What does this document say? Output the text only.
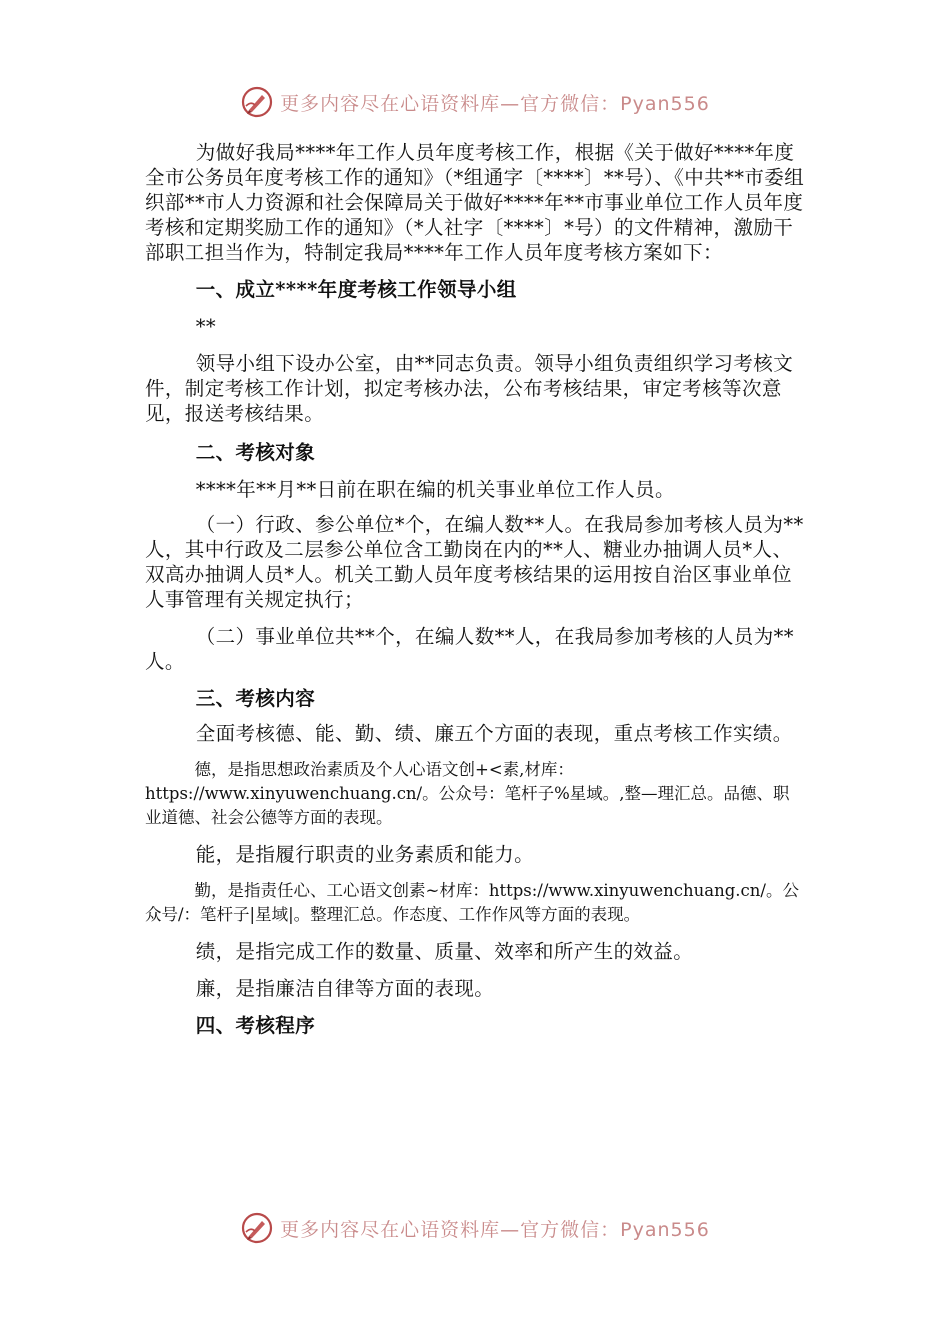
更多内容尽在心语资料库—官方微信：Pyan556

为做好我局****年工作人员年度考核工作，根据《关于做好****年度全市公务员年度考核工作的通知》（*组通字〔****〕**号）、《中共**市委组织部**市人力资源和社会保障局关于做好****年**市事业单位工作人员年度考核和定期奖励工作的通知》（*人社字〔****〕*号）的文件精神，激励干部职工担当作为，特制定我局****年工作人员年度考核方案如下：

一、成立****年度考核工作领导小组

**

领导小组下设办公室，由**同志负责。领导小组负责组织学习考核文件，制定考核工作计划，拟定考核办法，公布考核结果，审定考核等次意见，报送考核结果。

二、考核对象

****年**月**日前在职在编的机关事业单位工作人员。

（一）行政、参公单位*个，在编人数**人。在我局参加考核人员为**人，其中行政及二层参公单位含工勤岗在内的**人、糖业办抽调人员*人、双高办抽调人员*人。机关工勤人员年度考核结果的运用按自治区事业单位人事管理有关规定执行；

（二）事业单位共**个，在编人数**人，在我局参加考核的人员为**人。

三、考核内容

全面考核德、能、勤、绩、廉五个方面的表现，重点考核工作实绩。

德，是指思想政治素质及个人心语文创+<素,材库：https://www.xinyuwenchuang.cn/。公众号：笔杆子%星域。,整—理汇总。品德、职业道德、社会公德等方面的表现。

能，是指履行职责的业务素质和能力。

勤，是指责任心、工心语文创素~材库：https://www.xinyuwenchuang.cn/。公众号/：笔杆子|星域|。整理汇总。作态度、工作作风等方面的表现。

绩，是指完成工作的数量、质量、效率和所产生的效益。

廉，是指廉洁自律等方面的表现。

四、考核程序

更多内容尽在心语资料库—官方微信：Pyan556
